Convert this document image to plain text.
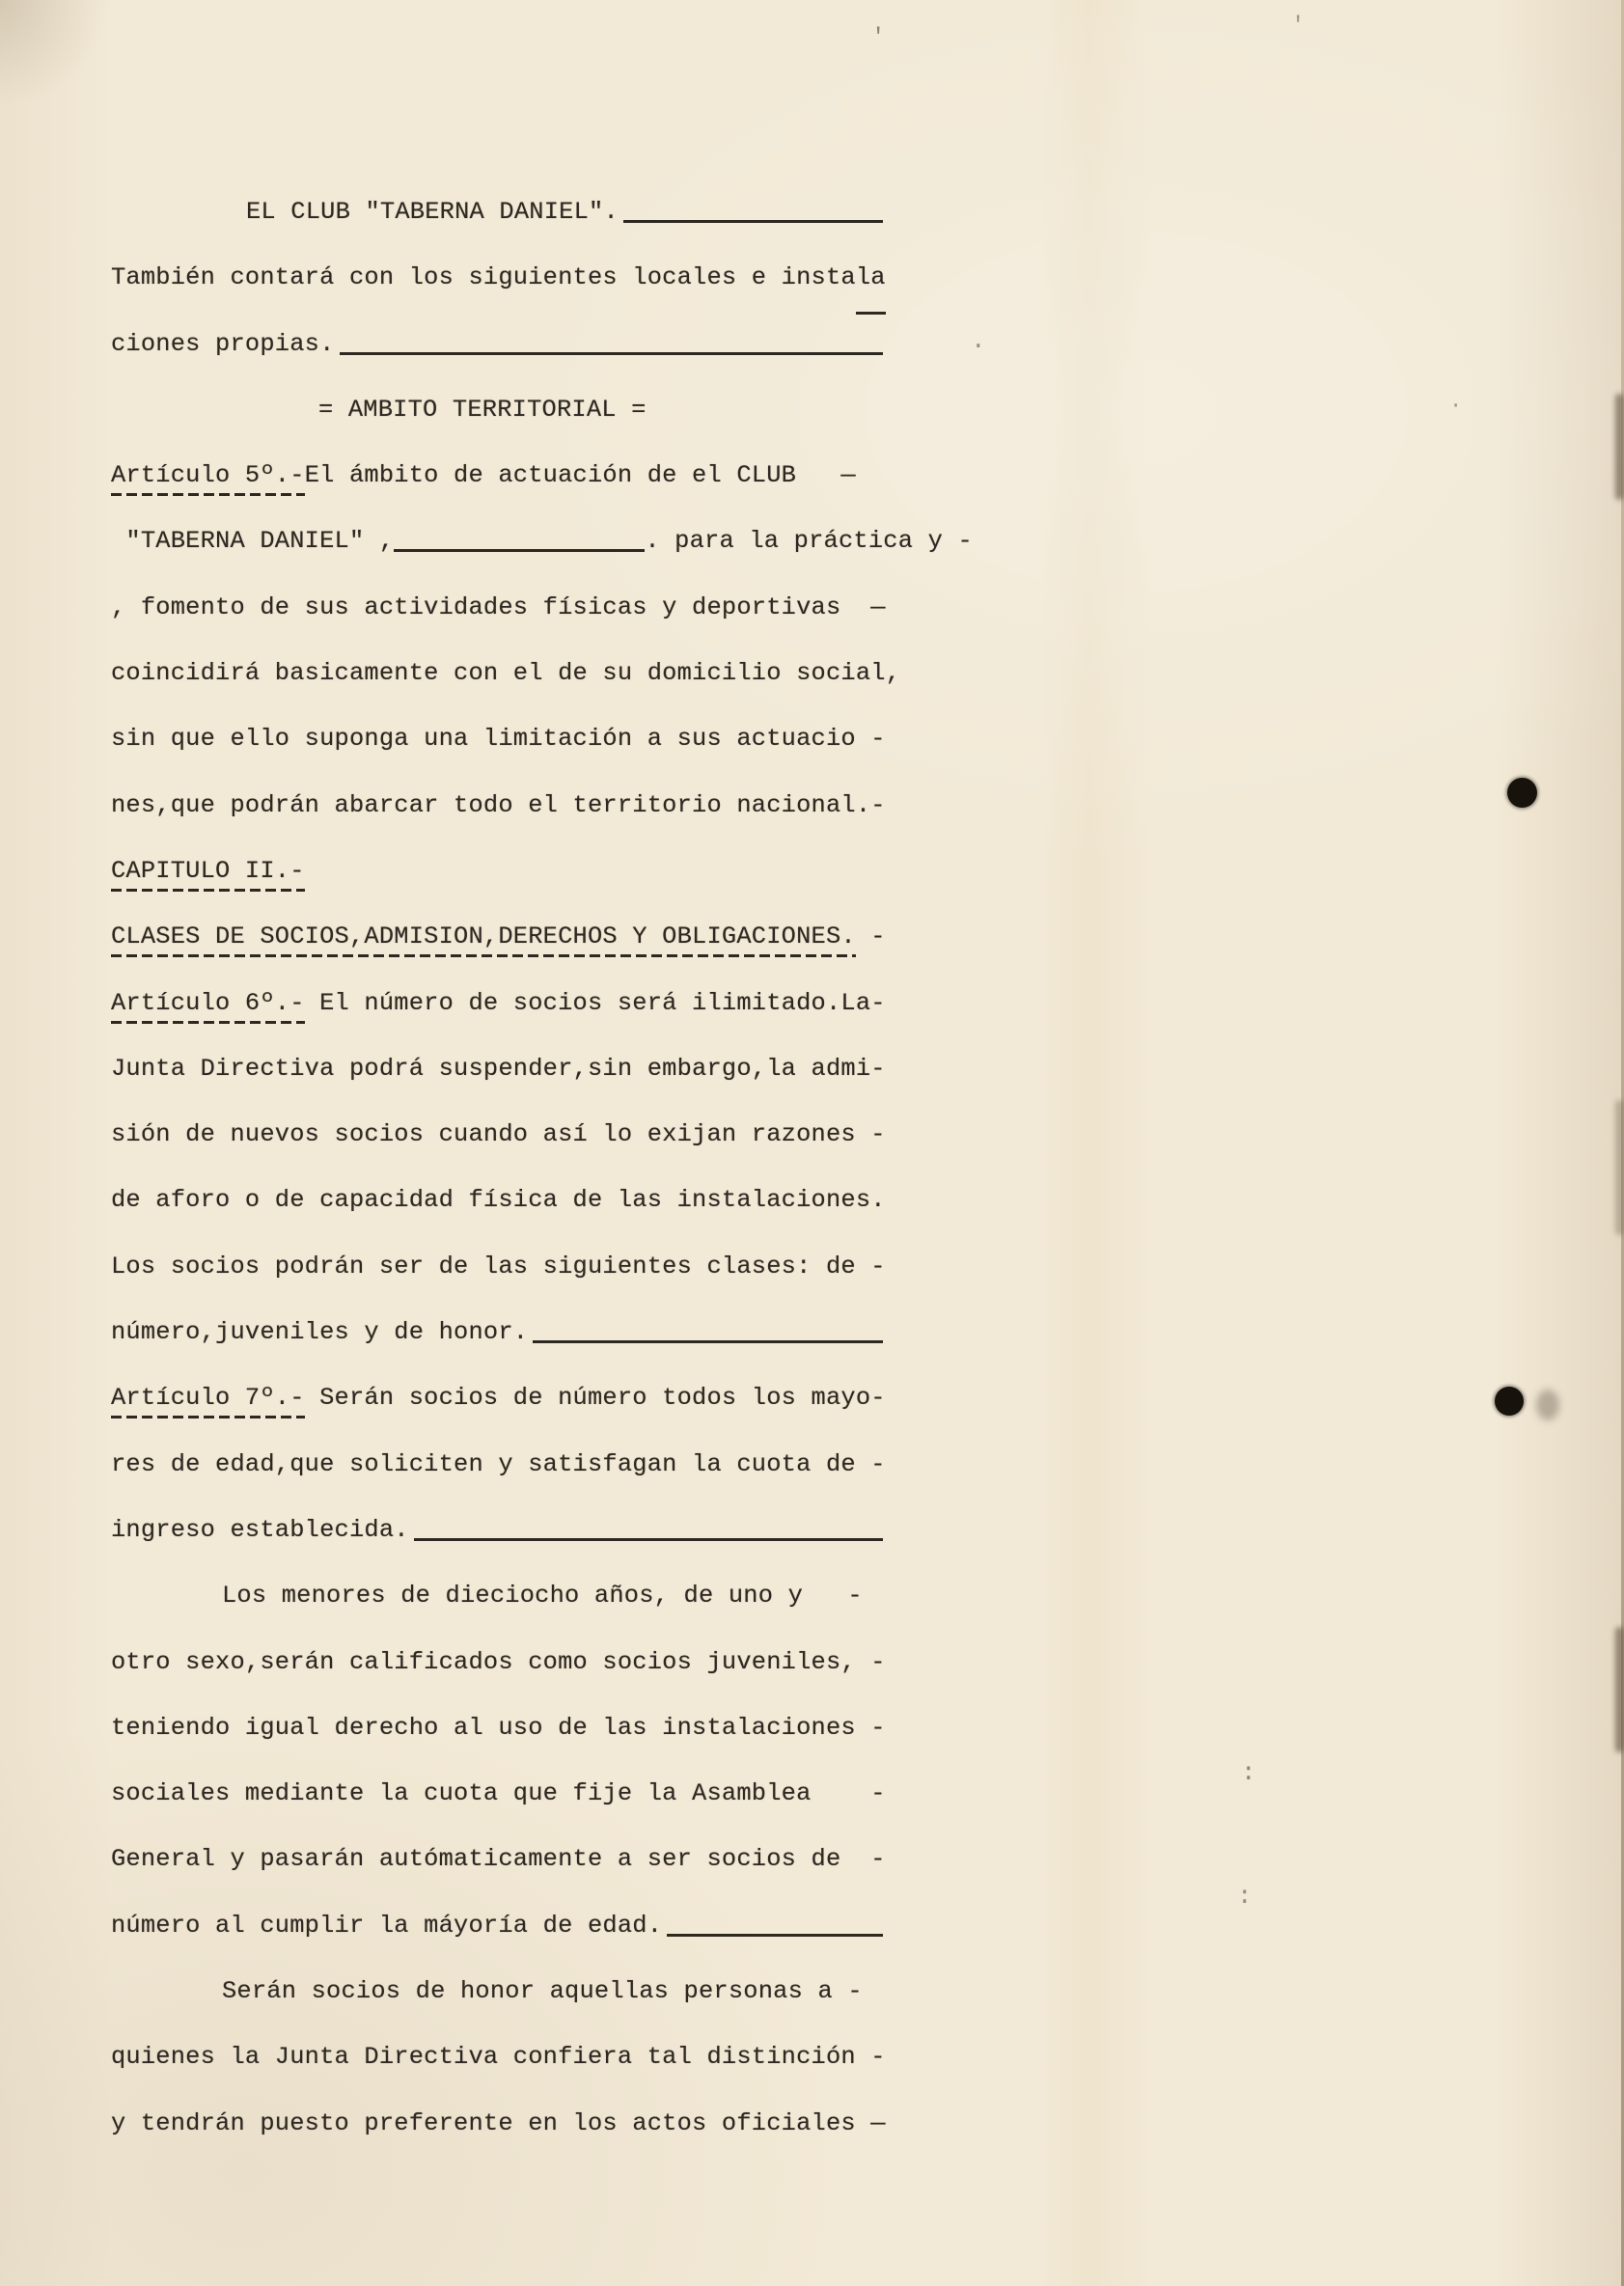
EL CLUB "TABERNA DANIEL".
También contará con los siguientes locales e insta la
ciones propias.
= AMBITO TERRITORIAL =
Artículo 5º.- El ámbito de actuación de el CLUB   —
"TABERNA DANIEL" ,	. para la práctica y -
, fomento de sus actividades físicas y deportivas  —
coincidirá basicamente con el de su domicilio social,
sin que ello suponga una limitación a sus actuacio -
nes,que podrán abarcar todo el territorio nacional.-
CAPITULO II.-
CLASES DE SOCIOS,ADMISION,DERECHOS Y OBLIGACIONES. -
Artículo 6º.- El número de socios será ilimitado.La-
Junta Directiva podrá suspender,sin embargo,la admi-
sión de nuevos socios cuando así lo exijan razones -
de aforo o de capacidad física de las instalaciones.
Los socios podrán ser de las siguientes clases: de -
número,juveniles y de honor.
Artículo 7º.- Serán socios de número todos los mayo-
res de edad,que soliciten y satisfagan la cuota de -
ingreso establecida.
Los menores de dieciocho años, de uno y   -
otro sexo,serán calificados como socios juveniles, -
teniendo igual derecho al uso de las instalaciones -
sociales mediante la cuota que fije la Asamblea    -
General y pasarán autómaticamente a ser socios de  -
número al cumplir la máyoría de edad.
Serán socios de honor aquellas personas a -
quienes la Junta Directiva confiera tal distinción -
y tendrán puesto preferente en los actos oficiales —
'	'
.
·
:
:
